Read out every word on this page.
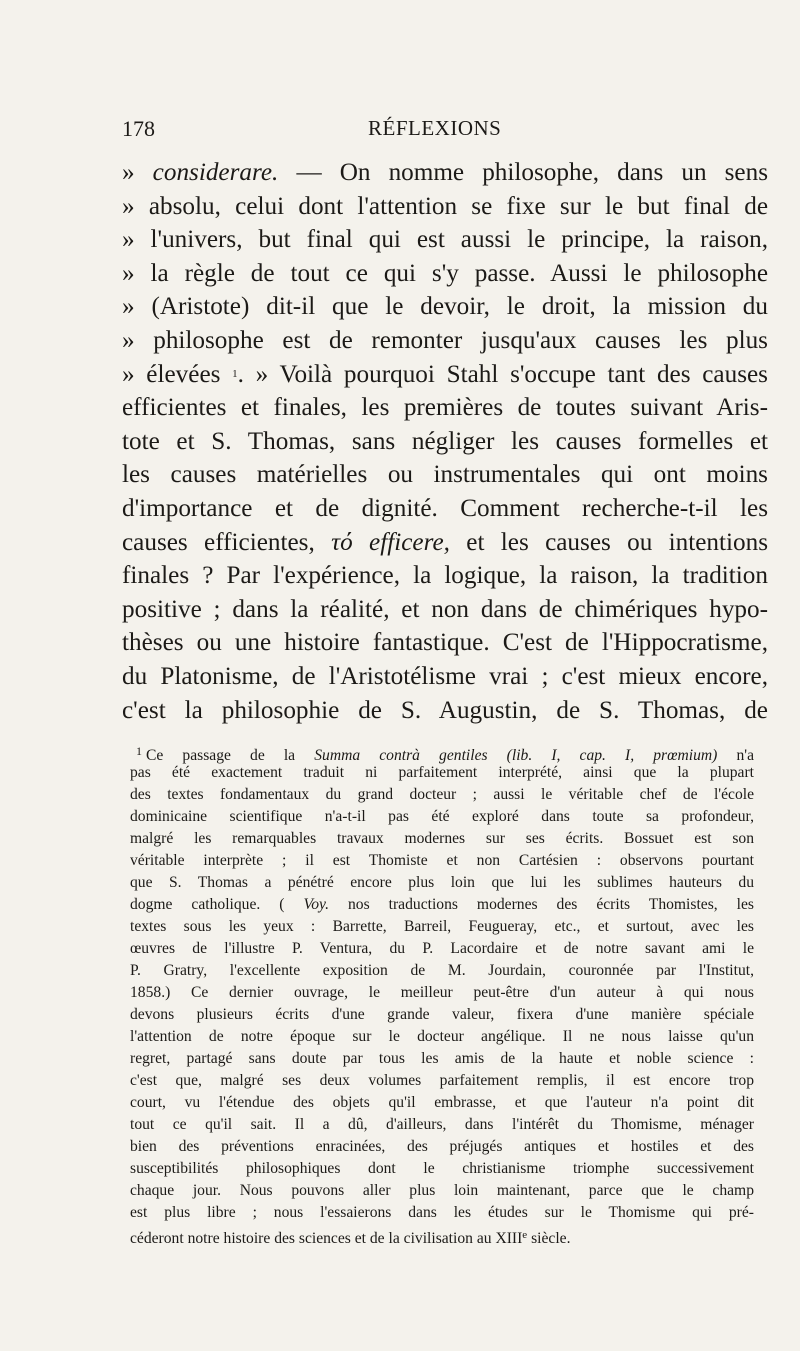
178	RÉFLEXIONS
» considerare. — On nomme philosophe, dans un sens
» absolu, celui dont l'attention se fixe sur le but final de
» l'univers, but final qui est aussi le principe, la raison,
» la règle de tout ce qui s'y passe. Aussi le philosophe
» (Aristote) dit-il que le devoir, le droit, la mission du
» philosophe est de remonter jusqu'aux causes les plus
» élevées $^1$. » Voilà pourquoi Stahl s'occupe tant des causes
efficientes et finales, les premières de toutes suivant Aris-
tote et S. Thomas, sans négliger les causes formelles et
les causes matérielles ou instrumentales qui ont moins
d'importance et de dignité. Comment recherche-t-il les
causes efficientes, τό efficere, et les causes ou intentions
finales ? Par l'expérience, la logique, la raison, la tradition
positive ; dans la réalité, et non dans de chimériques hypo-
thèses ou une histoire fantastique. C'est de l'Hippocratisme,
du Platonisme, de l'Aristotélisme vrai ; c'est mieux encore,
c'est la philosophie de S. Augustin, de S. Thomas, de
$^1$ Ce passage de la Summa contrà gentiles (lib. I, cap. I, prœmium) n'a
pas été exactement traduit ni parfaitement interprété, ainsi que la plupart
des textes fondamentaux du grand docteur ; aussi le véritable chef de l'école
dominicaine scientifique n'a-t-il pas été exploré dans toute sa profondeur,
malgré les remarquables travaux modernes sur ses écrits. Bossuet est son
véritable interprète ; il est Thomiste et non Cartésien : observons pourtant
que S. Thomas a pénétré encore plus loin que lui les sublimes hauteurs du
dogme catholique. ( Voy. nos traductions modernes des écrits Thomistes, les
textes sous les yeux : Barrette, Barreil, Feugueray, etc., et surtout, avec les
œuvres de l'illustre P. Ventura, du P. Lacordaire et de notre savant ami le
P. Gratry, l'excellente exposition de M. Jourdain, couronnée par l'Institut,
1858.) Ce dernier ouvrage, le meilleur peut-être d'un auteur à qui nous
devons plusieurs écrits d'une grande valeur, fixera d'une manière spéciale
l'attention de notre époque sur le docteur angélique. Il ne nous laisse qu'un
regret, partagé sans doute par tous les amis de la haute et noble science :
c'est que, malgré ses deux volumes parfaitement remplis, il est encore trop
court, vu l'étendue des objets qu'il embrasse, et que l'auteur n'a point dit
tout ce qu'il sait. Il a dû, d'ailleurs, dans l'intérêt du Thomisme, ménager
bien des préventions enracinées, des préjugés antiques et hostiles et des
susceptibilités philosophiques dont le christianisme triomphe successivement
chaque jour. Nous pouvons aller plus loin maintenant, parce que le champ
est plus libre ; nous l'essaierons dans les études sur le Thomisme qui pré-
céderont notre histoire des sciences et de la civilisation au XIIIe siècle.
